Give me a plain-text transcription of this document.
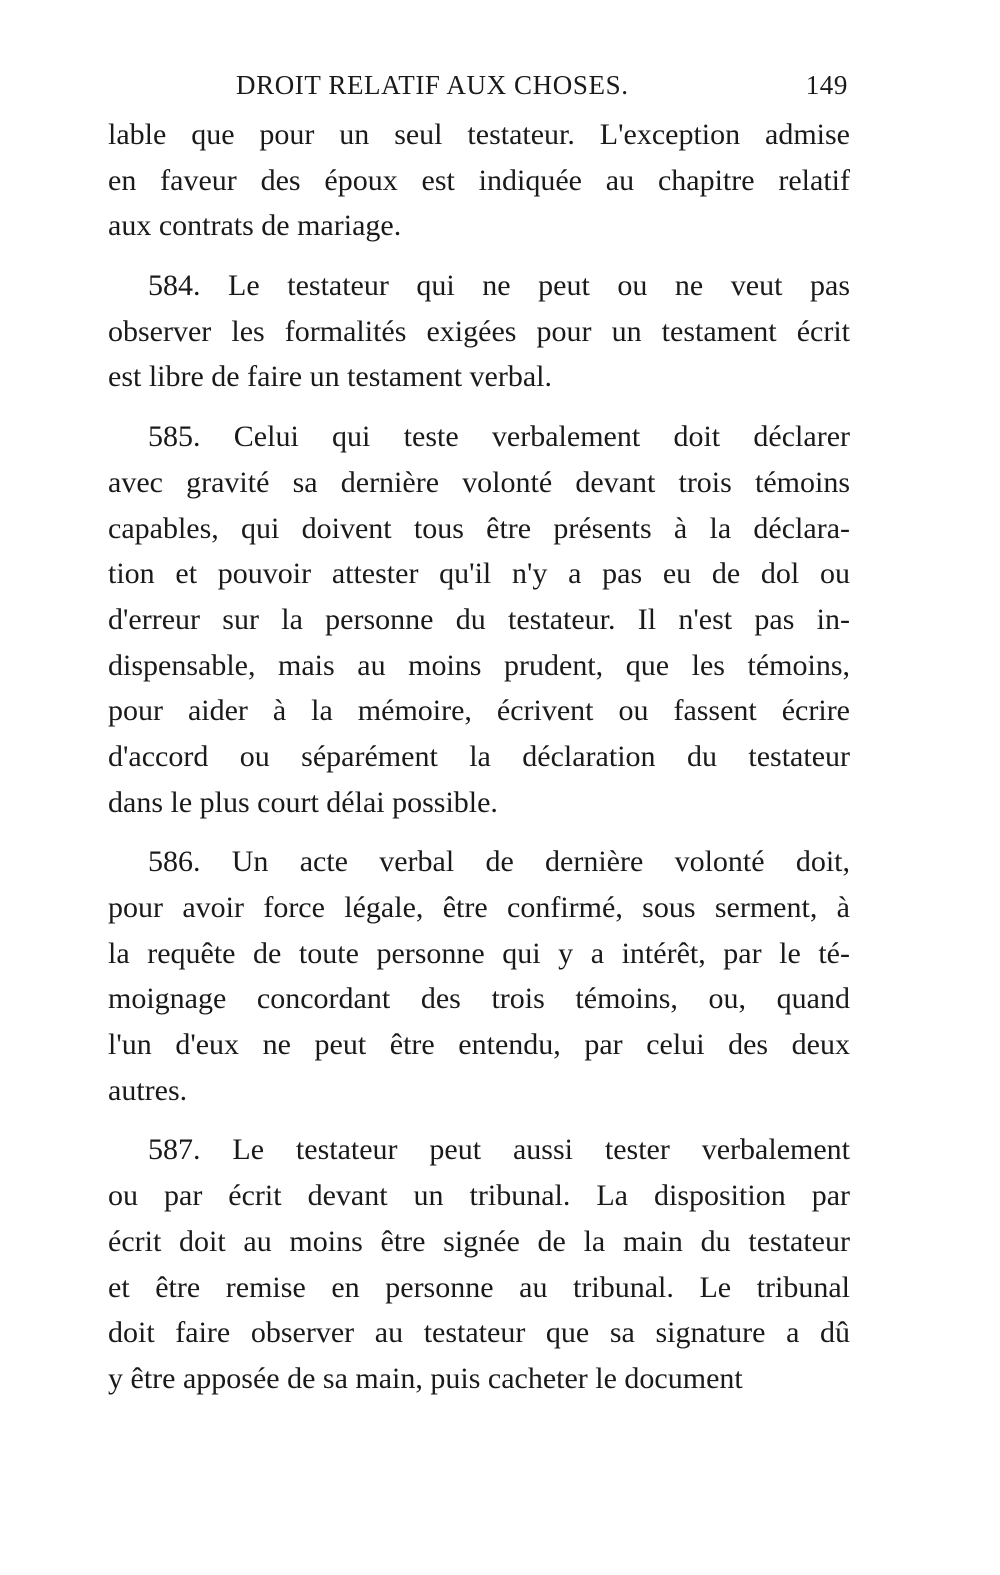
DROIT RELATIF AUX CHOSES.	149
lable que pour un seul testateur. L'exception admise
en faveur des époux est indiquée au chapitre relatif
aux contrats de mariage.
584. Le testateur qui ne peut ou ne veut pas
observer les formalités exigées pour un testament écrit
est libre de faire un testament verbal.
585. Celui qui teste verbalement doit déclarer
avec gravité sa dernière volonté devant trois témoins
capables, qui doivent tous être présents à la déclara-
tion et pouvoir attester qu'il n'y a pas eu de dol ou
d'erreur sur la personne du testateur. Il n'est pas in-
dispensable, mais au moins prudent, que les témoins,
pour aider à la mémoire, écrivent ou fassent écrire
d'accord ou séparément la déclaration du testateur
dans le plus court délai possible.
586. Un acte verbal de dernière volonté doit,
pour avoir force légale, être confirmé, sous serment, à
la requête de toute personne qui y a intérêt, par le té-
moignage concordant des trois témoins, ou, quand
l'un d'eux ne peut être entendu, par celui des deux
autres.
587. Le testateur peut aussi tester verbalement
ou par écrit devant un tribunal. La disposition par
écrit doit au moins être signée de la main du testateur
et être remise en personne au tribunal. Le tribunal
doit faire observer au testateur que sa signature a dû
y être apposée de sa main, puis cacheter le document
